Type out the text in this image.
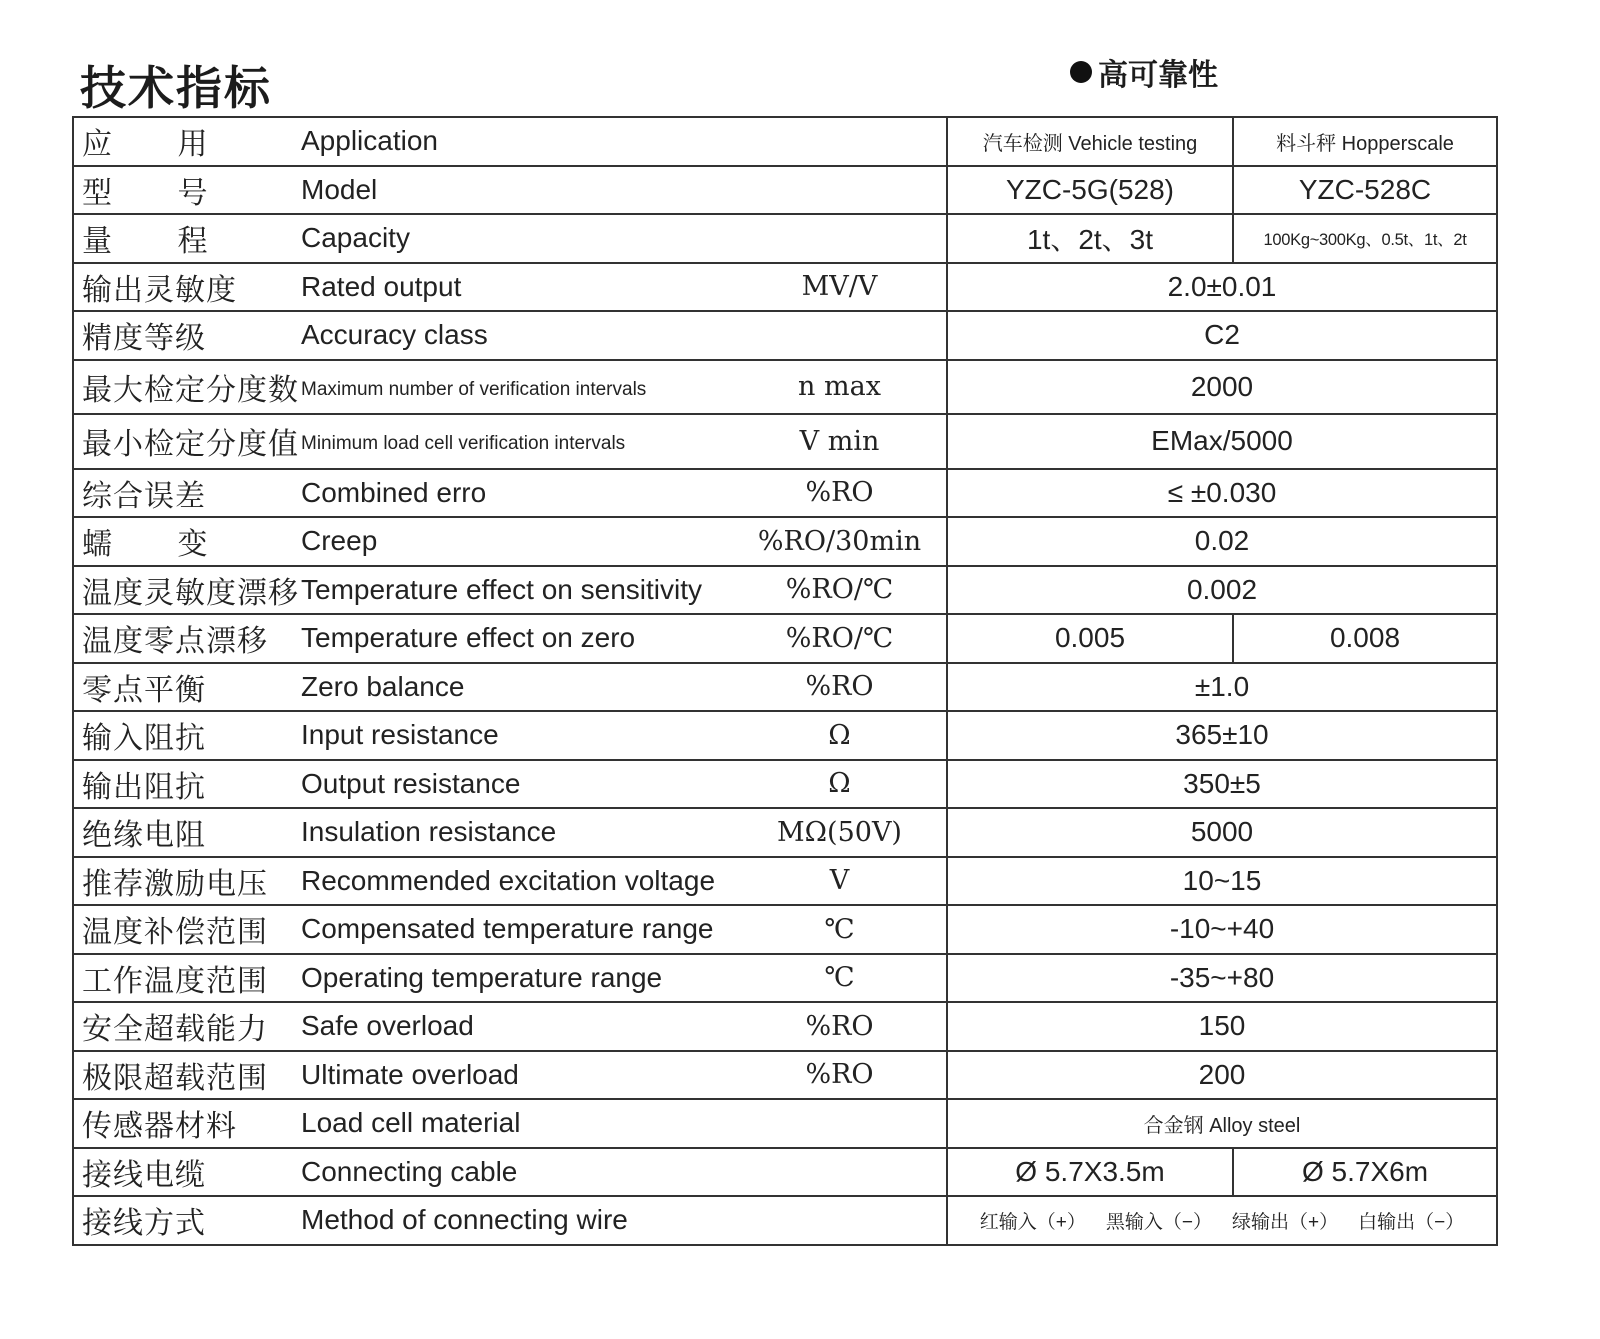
技术指标	高可靠性
应 用	Application		汽车检测 Vehicle testing	料斗秤 Hopperscale
型 号	Model		YZC-5G(528)	YZC-528C
量 程	Capacity		1t、2t、3t	100Kg~300Kg、0.5t、1t、2t
输出灵敏度	Rated output	MV/V	2.0±0.01	
精度等级	Accuracy class		C2	
最大检定分度数	Maximum number of verification intervals	n max	2000	
最小检定分度值	Minimum load cell verification intervals	V min	EMax/5000	
综合误差	Combined erro	%RO	≤ ±0.030	
蠕 变	Creep	%RO/30min	0.02	
温度灵敏度漂移	Temperature effect on sensitivity	%RO/℃	0.002	
温度零点漂移	Temperature effect on zero	%RO/℃	0.005	0.008
零点平衡	Zero balance	%RO	±1.0	
输入阻抗	Input resistance	Ω	365±10	
输出阻抗	Output resistance	Ω	350±5	
绝缘电阻	Insulation resistance	MΩ(50V)	5000	
推荐激励电压	Recommended excitation voltage	V	10~15	
温度补偿范围	Compensated temperature range	℃	-10~+40	
工作温度范围	Operating temperature range	℃	-35~+80	
安全超载能力	Safe overload	%RO	150	
极限超载范围	Ultimate overload	%RO	200	
传感器材料	Load cell material		合金钢 Alloy steel	
接线电缆	Connecting cable		Ø 5.7X3.5m	Ø 5.7X6m
接线方式	Method of connecting wire		红输入（+） 黑输入（−） 绿输出（+） 白输出（−）	
